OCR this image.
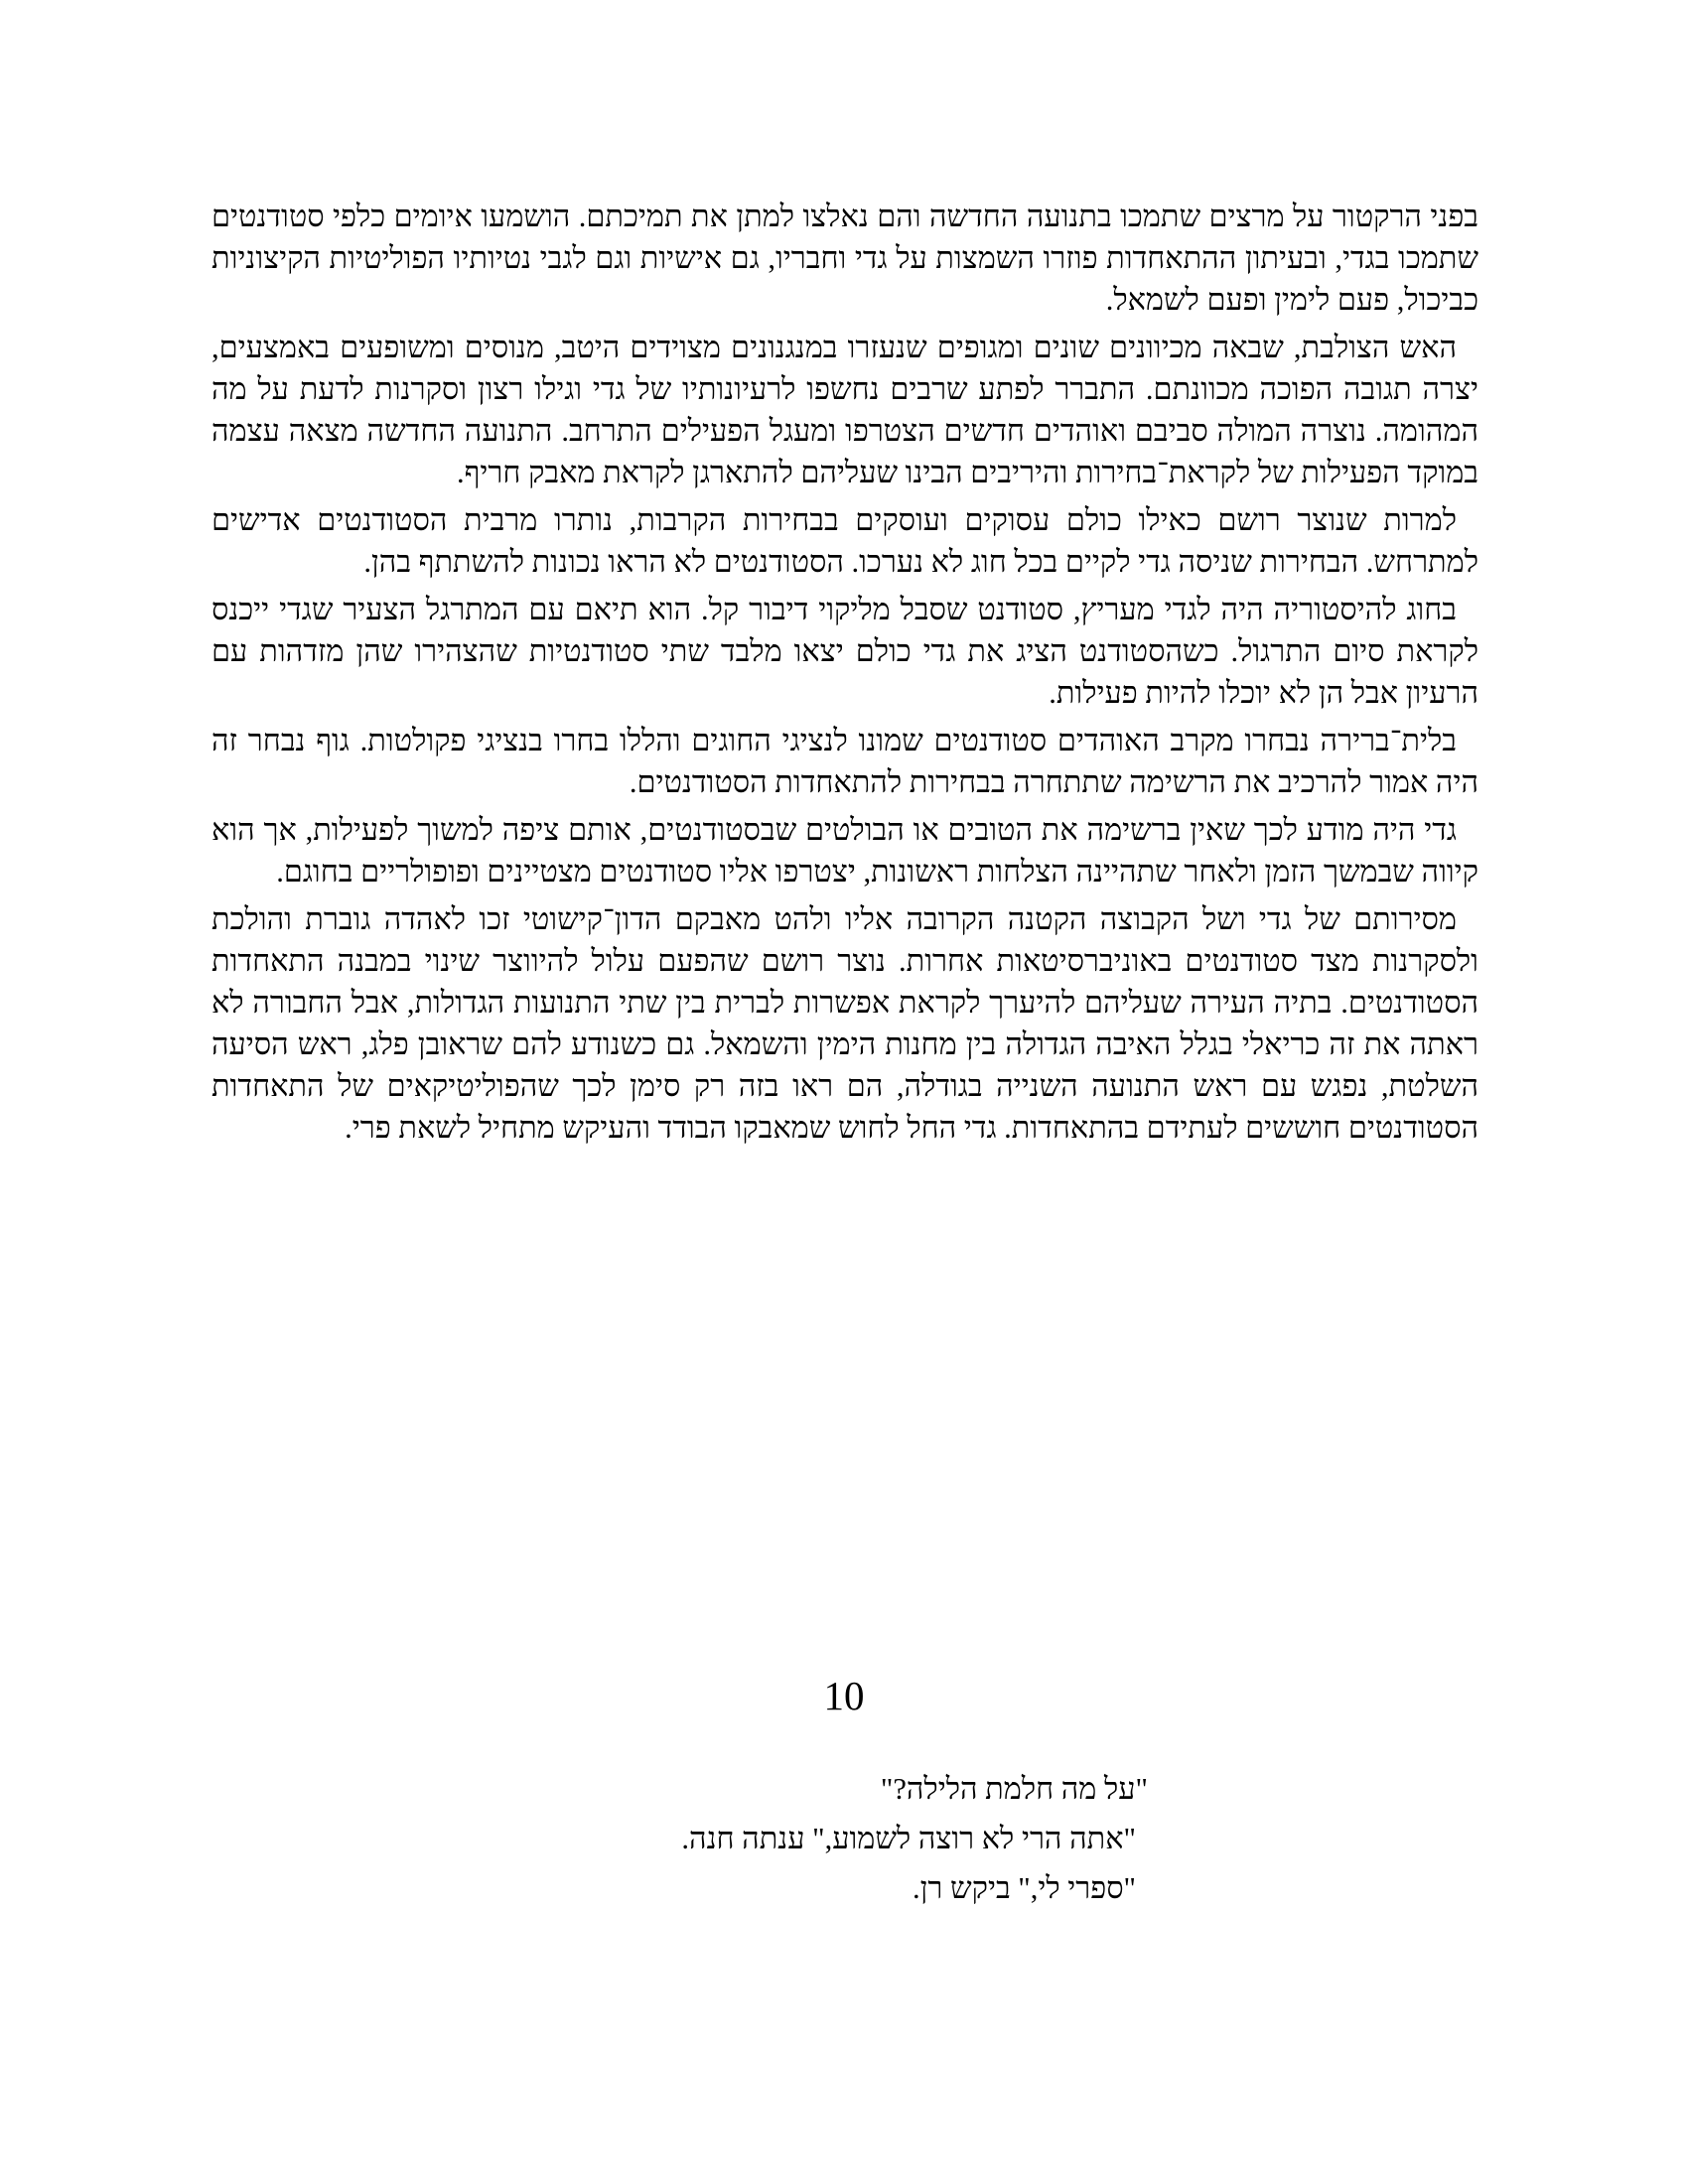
בפני הרקטור על מרצים שתמכו בתנועה החדשה והם נאלצו למתן את תמיכתם. הושמעו איומים כלפי סטודנטים שתמכו בגדי, ובעיתון ההתאחדות פוזרו השמצות על גדי וחבריו, גם אישיות וגם לגבי נטיותיו הפוליטיות הקיצוניות כביכול, פעם לימין ופעם לשמאל.

האש הצולבת, שבאה מכיוונים שונים ומגופים שנעזרו במנגנונים מצוידים היטב, מנוסים ומשופעים באמצעים, יצרה תגובה הפוכה מכוונתם. התברר לפתע שרבים נחשפו לרעיונותיו של גדי וגילו רצון וסקרנות לדעת על מה המהומה. נוצרה המולה סביבם ואוהדים חדשים הצטרפו ומעגל הפעילים התרחב. התנועה החדשה מצאה עצמה במוקד הפעילות של לקראת־בחירות והיריבים הבינו שעליהם להתארגן לקראת מאבק חריף.

למרות שנוצר רושם כאילו כולם עסוקים ועוסקים בבחירות הקרבות, נותרו מרבית הסטודנטים אדישים למתרחש. הבחירות שניסה גדי לקיים בכל חוג לא נערכו. הסטודנטים לא הראו נכונות להשתתף בהן.

בחוג להיסטוריה היה לגדי מעריץ, סטודנט שסבל מליקוי דיבור קל. הוא תיאם עם המתרגל הצעיר שגדי ייכנס לקראת סיום התרגול. כשהסטודנט הציג את גדי כולם יצאו מלבד שתי סטודנטיות שהצהירו שהן מזדהות עם הרעיון אבל הן לא יוכלו להיות פעילות.

בלית־ברירה נבחרו מקרב האוהדים סטודנטים שמונו לנציגי החוגים והללו בחרו בנציגי פקולטות. גוף נבחר זה היה אמור להרכיב את הרשימה שתתחרה בבחירות להתאחדות הסטודנטים.

גדי היה מודע לכך שאין ברשימה את הטובים או הבולטים שבסטודנטים, אותם ציפה למשוך לפעילות, אך הוא קיווה שבמשך הזמן ולאחר שתהיינה הצלחות ראשונות, יצטרפו אליו סטודנטים מצטיינים ופופולריים בחוגם.

מסירותם של גדי ושל הקבוצה הקטנה הקרובה אליו ולהט מאבקם הדון־קישוטי זכו לאהדה גוברת והולכת ולסקרנות מצד סטודנטים באוניברסיטאות אחרות. נוצר רושם שהפעם עלול להיווצר שינוי במבנה התאחדות הסטודנטים. בתיה העירה שעליהם להיערך לקראת אפשרות לברית בין שתי התנועות הגדולות, אבל החבורה לא ראתה את זה כריאלי בגלל האיבה הגדולה בין מחנות הימין והשמאל. גם כשנודע להם שראובן פלג, ראש הסיעה השלטת, נפגש עם ראש התנועה השנייה בגודלה, הם ראו בזה רק סימן לכך שהפוליטיקאים של התאחדות הסטודנטים חוששים לעתידם בהתאחדות. גדי החל לחוש שמאבקו הבודד והעיקש מתחיל לשאת פרי.

10

"על מה חלמת הלילה?"

"אתה הרי לא רוצה לשמוע," ענתה חנה.

"ספרי לי," ביקש רן.
